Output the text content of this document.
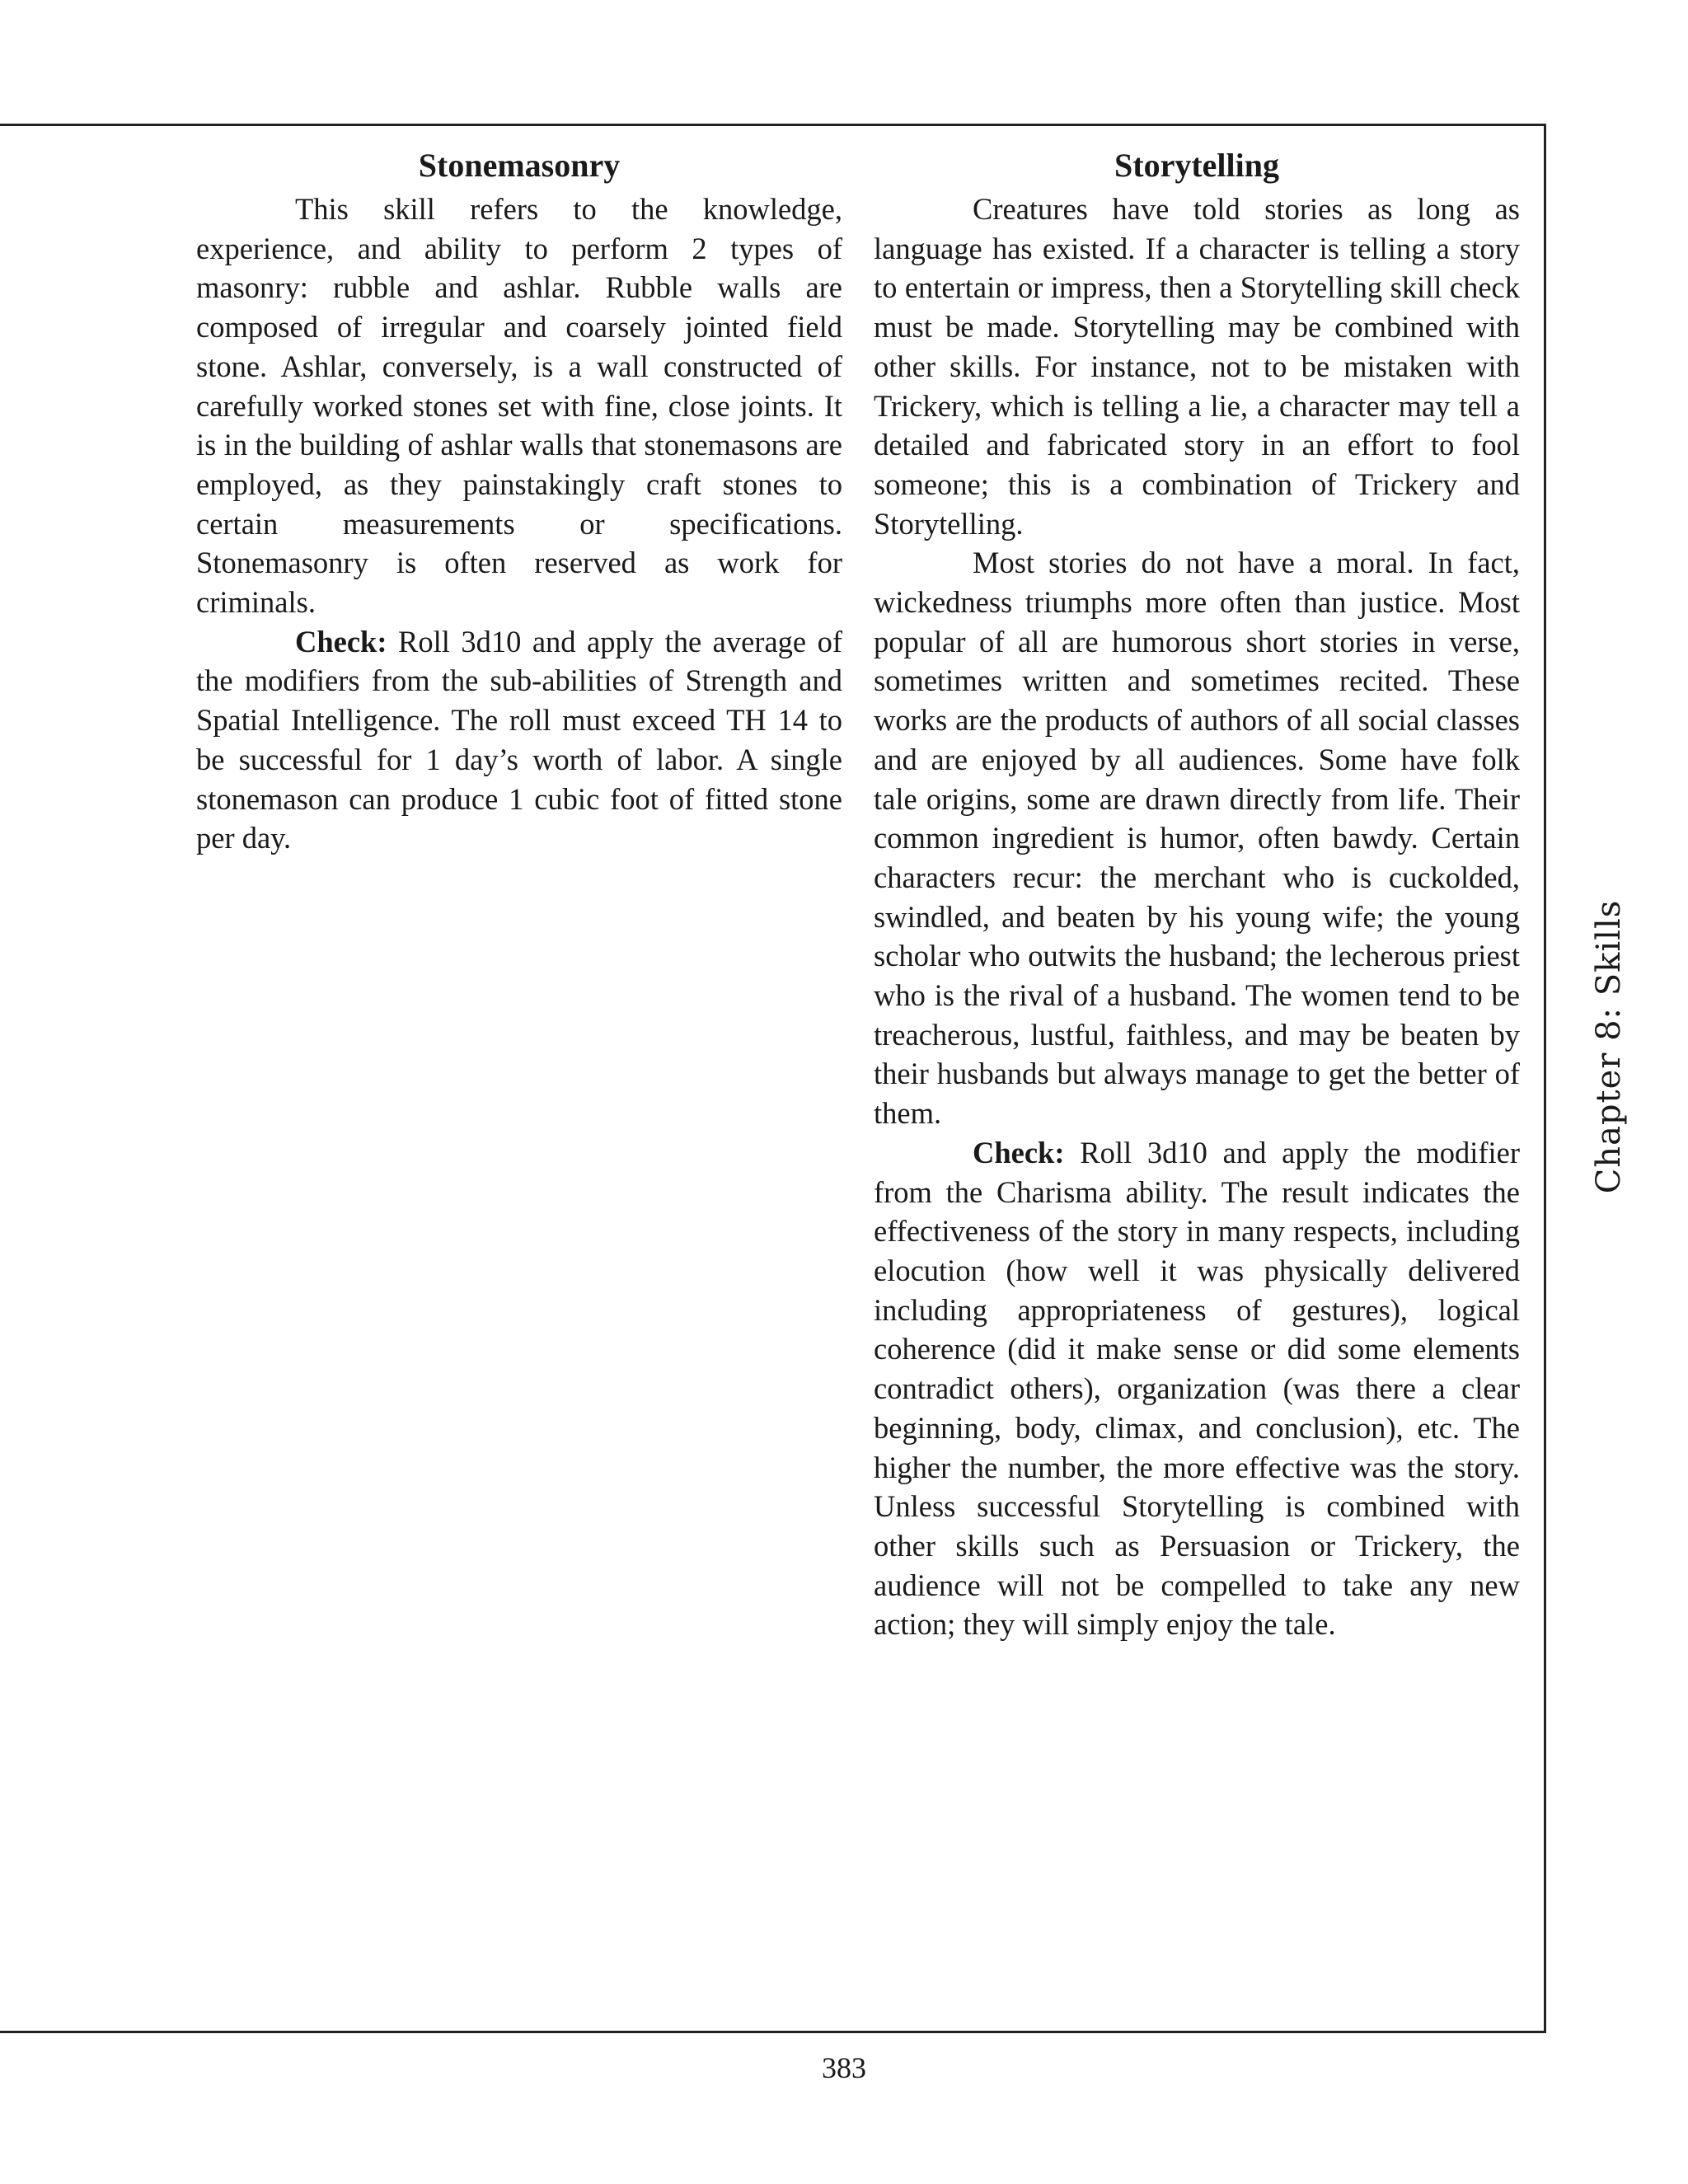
Stonemasonry

This skill refers to the knowledge, experience, and ability to perform 2 types of masonry: rubble and ashlar. Rubble walls are composed of irregular and coarsely jointed field stone. Ashlar, conversely, is a wall constructed of carefully worked stones set with fine, close joints. It is in the building of ashlar walls that stonemasons are employed, as they painstakingly craft stones to certain measurements or specifications. Stonemasonry is often reserved as work for criminals.

Check: Roll 3d10 and apply the average of the modifiers from the sub-abilities of Strength and Spatial Intelligence. The roll must exceed TH 14 to be successful for 1 day’s worth of labor. A single stonemason can produce 1 cubic foot of fitted stone per day.

Storytelling

Creatures have told stories as long as language has existed. If a character is telling a story to entertain or impress, then a Storytelling skill check must be made. Storytelling may be combined with other skills. For instance, not to be mistaken with Trickery, which is telling a lie, a character may tell a detailed and fabricated story in an effort to fool someone; this is a combination of Trickery and Storytelling.

Most stories do not have a moral. In fact, wickedness triumphs more often than justice. Most popular of all are humorous short stories in verse, sometimes written and sometimes recited. These works are the products of authors of all social classes and are enjoyed by all audiences. Some have folk tale origins, some are drawn directly from life. Their common ingredient is humor, often bawdy. Certain characters recur: the merchant who is cuckolded, swindled, and beaten by his young wife; the young scholar who outwits the husband; the lecherous priest who is the rival of a husband. The women tend to be treacherous, lustful, faithless, and may be beaten by their husbands but always manage to get the better of them.

Check: Roll 3d10 and apply the modifier from the Charisma ability. The result indicates the effectiveness of the story in many respects, including elocution (how well it was physically delivered including appropriateness of gestures), logical coherence (did it make sense or did some elements contradict others), organization (was there a clear beginning, body, climax, and conclusion), etc. The higher the number, the more effective was the story. Unless successful Storytelling is combined with other skills such as Persuasion or Trickery, the audience will not be compelled to take any new action; they will simply enjoy the tale.

Chapter 8: Skills
383
